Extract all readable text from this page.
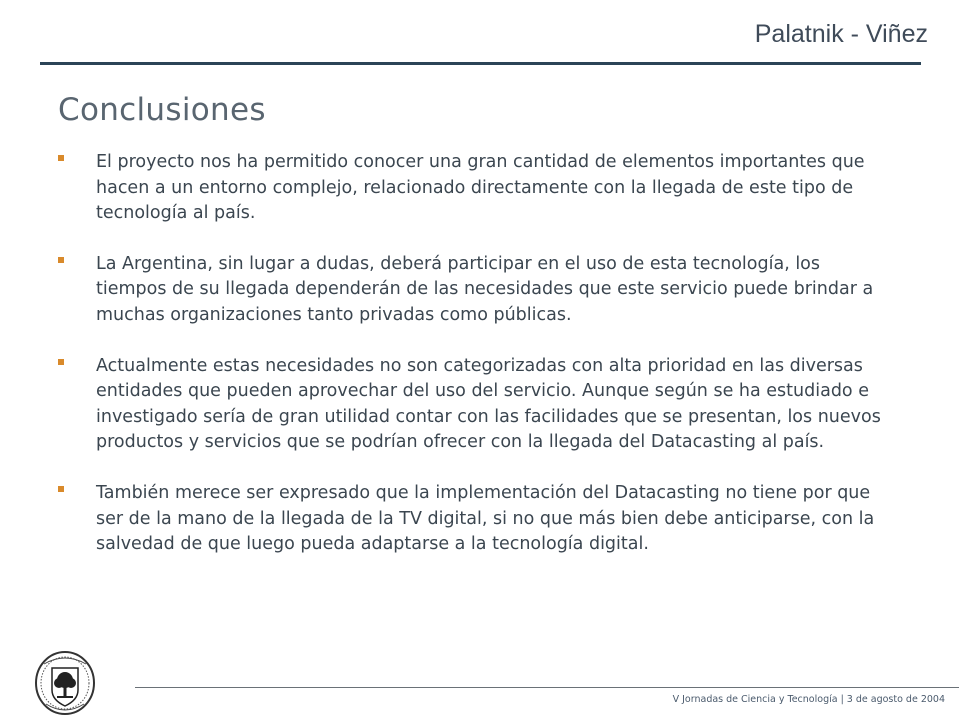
Palatnik - Viñez
Conclusiones
El proyecto nos ha permitido conocer una gran cantidad de elementos importantes que hacen a un entorno complejo, relacionado directamente con la llegada de este tipo de tecnología al país.
La Argentina, sin lugar a dudas, deberá participar en el uso de esta tecnología, los tiempos de su llegada dependerán de las necesidades que este servicio puede brindar a muchas organizaciones tanto privadas como públicas.
Actualmente estas necesidades no son categorizadas con alta prioridad en las diversas entidades que pueden aprovechar del uso del servicio. Aunque según se ha estudiado e investigado sería de gran utilidad contar con las facilidades que se presentan, los nuevos productos y servicios que se podrían ofrecer con la llegada del Datacasting al país.
También merece ser expresado que la implementación del Datacasting no tiene por que ser de la mano de la llegada de la TV digital, si no que más bien debe anticiparse, con la salvedad de que luego pueda adaptarse a la tecnología digital.
V Jornadas de Ciencia y Tecnología | 3 de agosto de 2004
